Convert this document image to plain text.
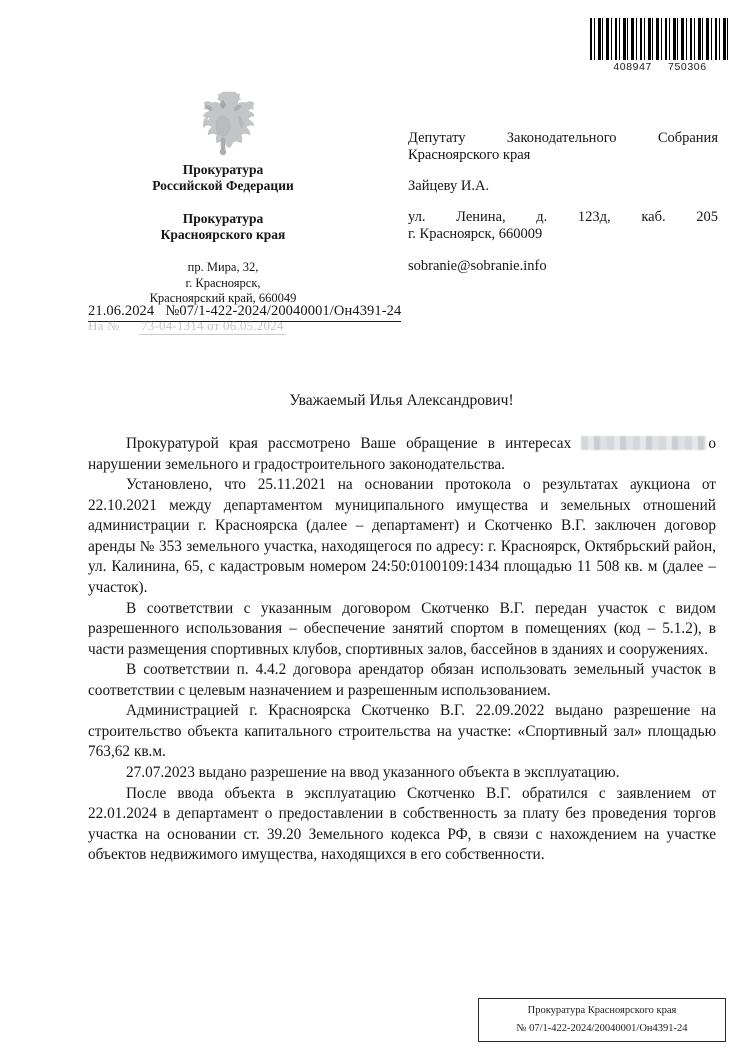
408947 750306
Прокуратура
Российской Федерации
Прокуратура
Красноярского края
пр. Мира, 32,
г. Красноярск,
Красноярский край, 660049
Депутату Законодательного Собрания
Красноярского края
Зайцеву И.А.
ул. Ленина, д. 123д, каб. 205
г. Красноярск, 660009
sobranie@sobranie.info
21.06.2024 №07/1-422-2024/20040001/Он4391-24
На № 73-04-1314 от 06.05.2024
Уважаемый Илья Александрович!

Прокуратурой края рассмотрено Ваше обращение в интересах	о нарушении земельного и градостроительного законодательства.

Установлено, что 25.11.2021 на основании протокола о результатах аукциона от 22.10.2021 между департаментом муниципального имущества и земельных отношений администрации г. Красноярска (далее – департамент) и Скотченко В.Г. заключен договор аренды № 353 земельного участка, находящегося по адресу: г. Красноярск, Октябрьский район, ул. Калинина, 65, с кадастровым номером 24:50:0100109:1434 площадью 11 508 кв. м (далее – участок).

В соответствии с указанным договором Скотченко В.Г. передан участок с видом разрешенного использования – обеспечение занятий спортом в помещениях (код – 5.1.2), в части размещения спортивных клубов, спортивных залов, бассейнов в зданиях и сооружениях.

В соответствии п. 4.4.2 договора арендатор обязан использовать земельный участок в соответствии с целевым назначением и разрешенным использованием.

Администрацией г. Красноярска Скотченко В.Г. 22.09.2022 выдано разрешение на строительство объекта капитального строительства на участке: «Спортивный зал» площадью 763,62 кв.м.

27.07.2023 выдано разрешение на ввод указанного объекта в эксплуатацию.

После ввода объекта в эксплуатацию Скотченко В.Г. обратился с заявлением от 22.01.2024 в департамент о предоставлении в собственность за плату без проведения торгов участка на основании ст. 39.20 Земельного кодекса РФ, в связи с нахождением на участке объектов недвижимого имущества, находящихся в его собственности.

Прокуратура Красноярского края
№ 07/1-422-2024/20040001/Он4391-24
